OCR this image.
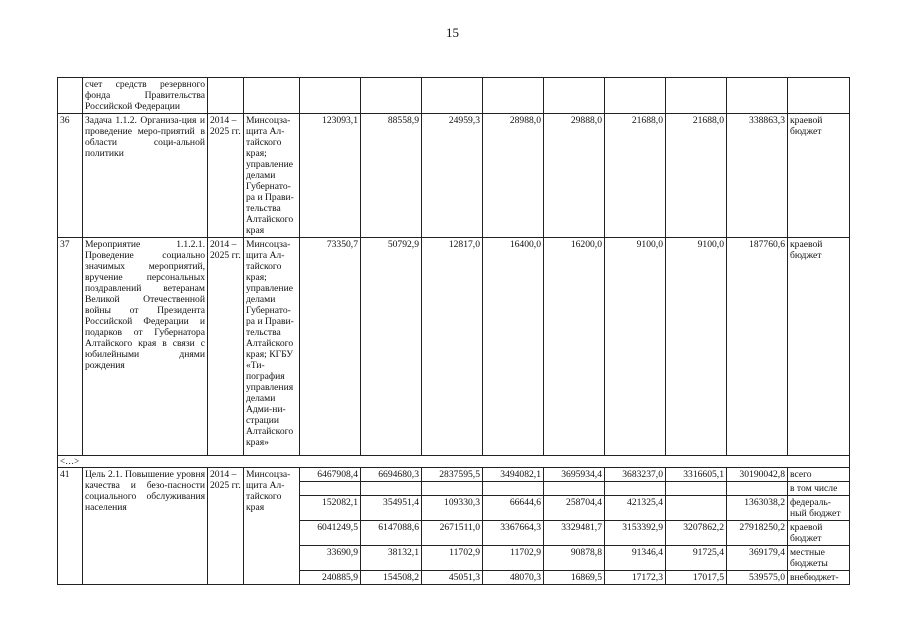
15
	счет средств резервного фонда Правительства Российской Федерации											
36	Задача 1.1.2. Организа-ция и проведение меро-приятий в области соци-альной политики	2014 – 2025 гг.	Минсоцза-щита Ал-тайского края; управление делами Губернато-ра и Прави-тельства Алтайского края	123093,1	88558,9	24959,3	28988,0	29888,0	21688,0	21688,0	338863,3	краевой бюджет
37	Мероприятие 1.1.2.1. Проведение социально значимых мероприятий, вручение персональных поздравлений ветеранам Великой Отечественной войны от Президента Российской Федерации и подарков от Губернатора Алтайского края в связи с юбилейными днями рождения	2014 – 2025 гг.	Минсоцза-щита Ал-тайского края; управление делами Губернато-ра и Прави-тельства Алтайского края; КГБУ «Ти-пография управления делами Адми-ни-страции Алтайского края»	73350,7	50792,9	12817,0	16400,0	16200,0	9100,0	9100,0	187760,6	краевой бюджет
<…>												
41	Цель 2.1. Повышение уровня качества и безо-пасности социального обслуживания населения	2014 – 2025 гг.	Минсоцза-щита Ал-тайского края	6467908,4	6694680,3	2837595,5	3494082,1	3695934,4	3683237,0	3316605,1	30190042,8	всего
												в том числе
				152082,1	354951,4	109330,3	66644,6	258704,4	421325,4		1363038,2	федераль-ный бюджет
				6041249,5	6147088,6	2671511,0	3367664,3	3329481,7	3153392,9	3207862,2	27918250,2	краевой бюджет
				33690,9	38132,1	11702,9	11702,9	90878,8	91346,4	91725,4	369179,4	местные бюджеты
				240885,9	154508,2	45051,3	48070,3	16869,5	17172,3	17017,5	539575,0	внебюджет-
